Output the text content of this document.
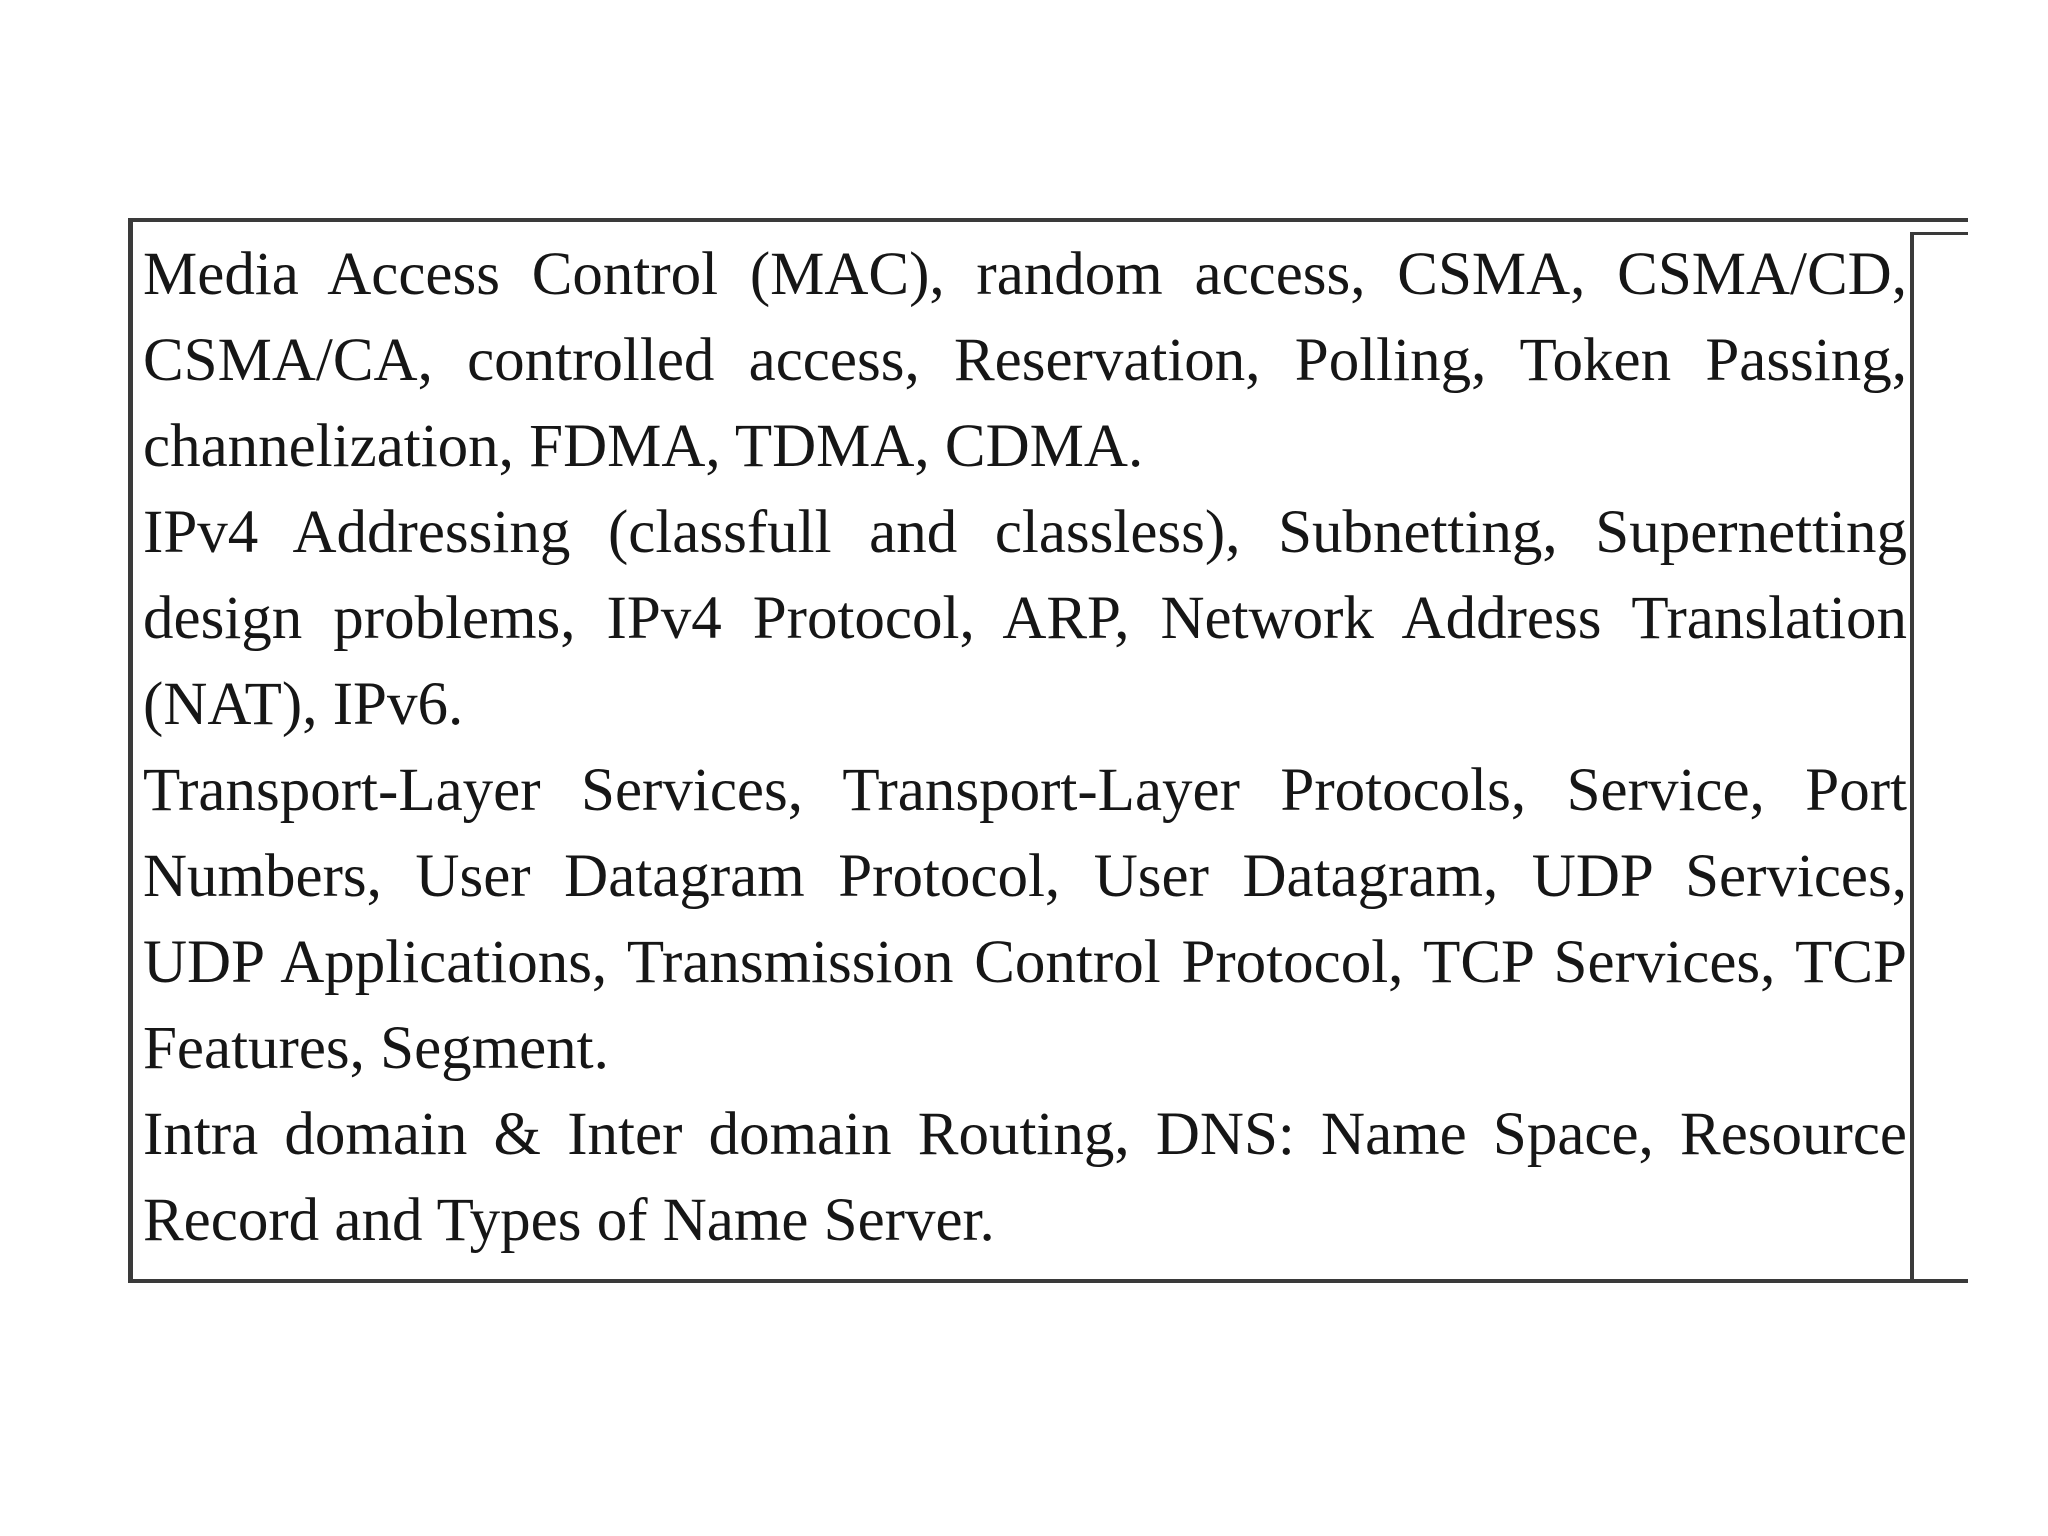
Media Access Control (MAC), random access, CSMA, CSMA/CD, CSMA/CA, controlled access, Reservation, Polling, Token Passing, channelization, FDMA, TDMA, CDMA.

IPv4 Addressing (classfull and classless), Subnetting, Supernetting design problems, IPv4 Protocol, ARP, Network Address Translation (NAT), IPv6.

Transport-Layer Services, Transport-Layer Protocols, Service, Port Numbers, User Datagram Protocol, User Datagram, UDP Services, UDP Applications, Transmission Control Protocol, TCP Services, TCP Features, Segment.

Intra domain & Inter domain Routing, DNS: Name Space, Resource Record and Types of Name Server.
